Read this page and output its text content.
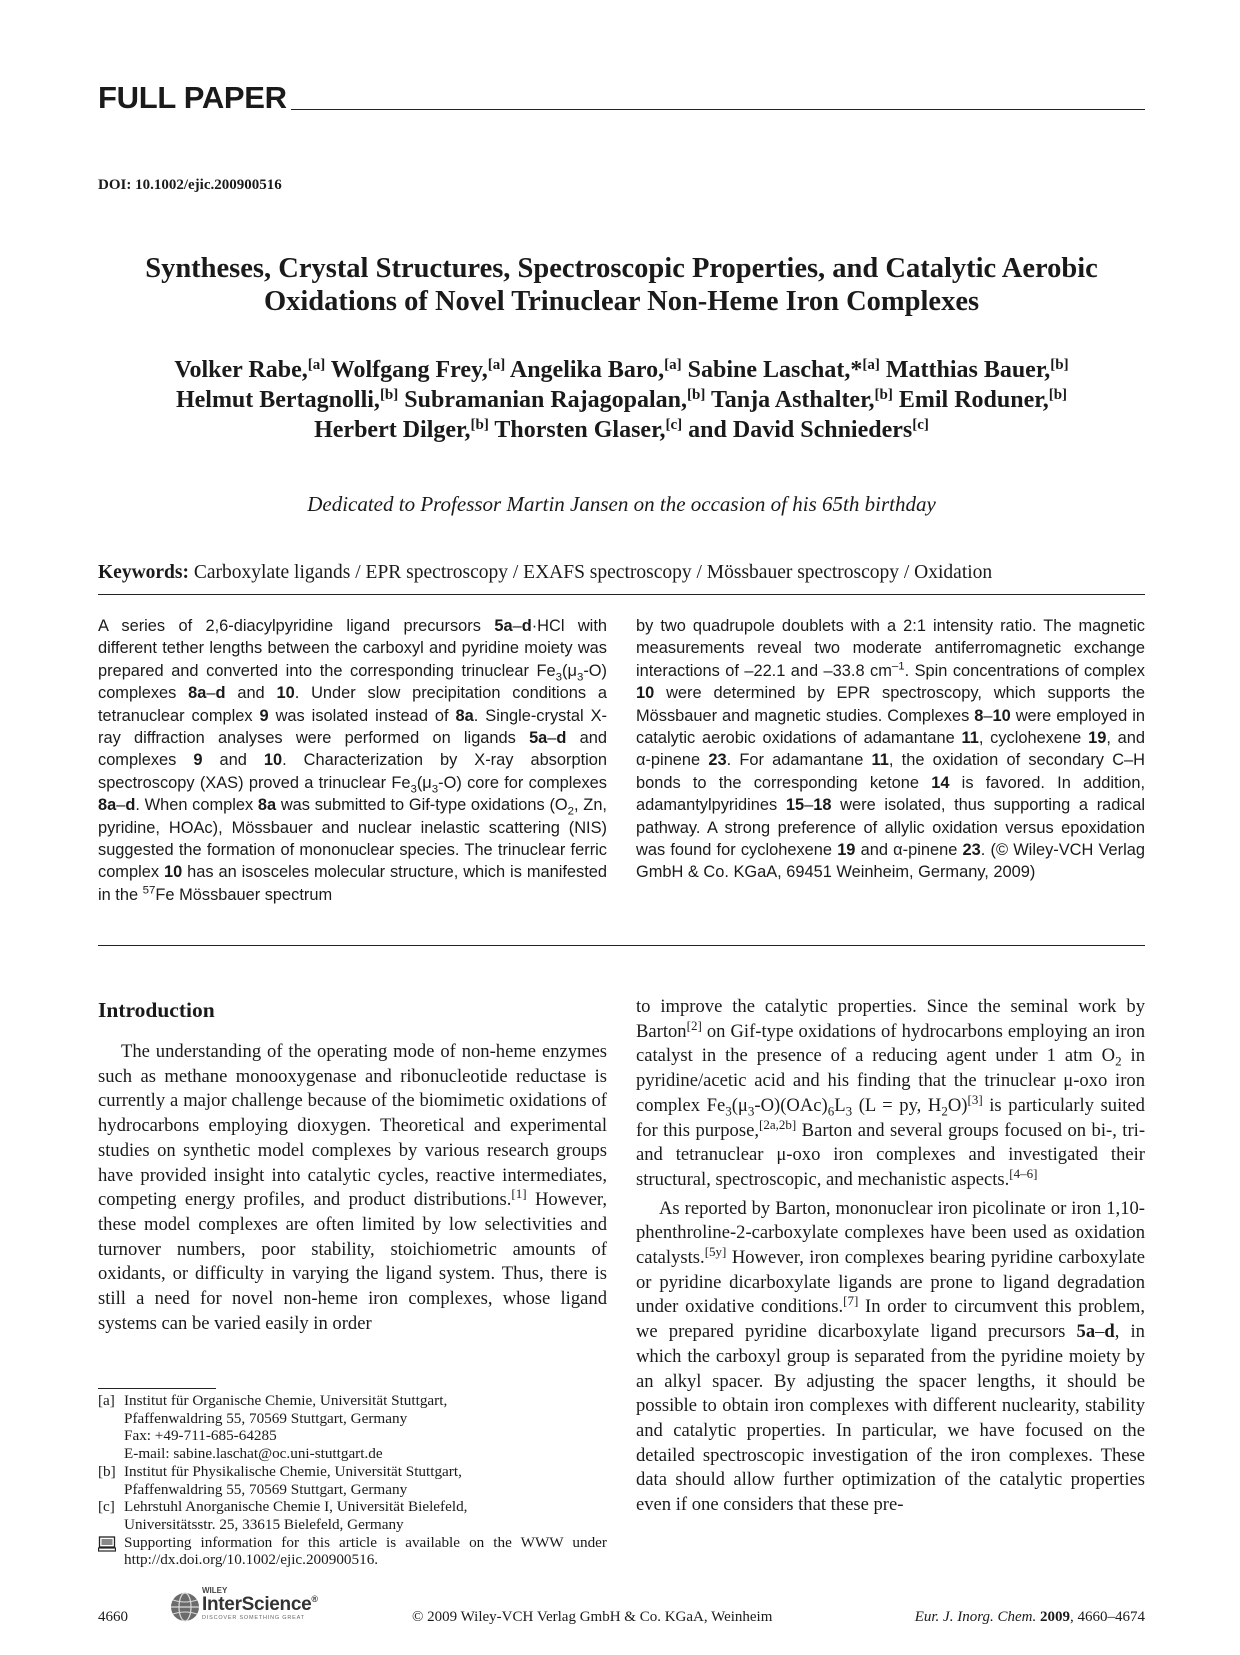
FULL PAPER
DOI: 10.1002/ejic.200900516
Syntheses, Crystal Structures, Spectroscopic Properties, and Catalytic Aerobic
Oxidations of Novel Trinuclear Non-Heme Iron Complexes
Volker Rabe,[a] Wolfgang Frey,[a] Angelika Baro,[a] Sabine Laschat,*[a] Matthias Bauer,[b]
Helmut Bertagnolli,[b] Subramanian Rajagopalan,[b] Tanja Asthalter,[b] Emil Roduner,[b]
Herbert Dilger,[b] Thorsten Glaser,[c] and David Schnieders[c]
Dedicated to Professor Martin Jansen on the occasion of his 65th birthday
Keywords: Carboxylate ligands / EPR spectroscopy / EXAFS spectroscopy / Mössbauer spectroscopy / Oxidation
A series of 2,6-diacylpyridine ligand precursors 5a–d·HCl with different tether lengths between the carboxyl and pyridine moiety was prepared and converted into the corresponding trinuclear $Fe_3(\mu_3-O)$ complexes 8a–d and 10. Under slow precipitation conditions a tetranuclear complex 9 was isolated instead of 8a. Single-crystal X-ray diffraction analyses were performed on ligands 5a–d and complexes 9 and 10. Characterization by X-ray absorption spectroscopy (XAS) proved a trinuclear $Fe_3(\mu_3-O)$ core for complexes 8a–d. When complex 8a was submitted to Gif-type oxidations ($O_2$, Zn, pyridine, HOAc), Mössbauer and nuclear inelastic scattering (NIS) suggested the formation of mononuclear species. The trinuclear ferric complex 10 has an isosceles molecular structure, which is manifested in the $^{57}$Fe Mössbauer spectrum
by two quadrupole doublets with a 2:1 intensity ratio. The magnetic measurements reveal two moderate antiferromagnetic exchange interactions of –22.1 and –33.8 $cm^{-1}$. Spin concentrations of complex 10 were determined by EPR spectroscopy, which supports the Mössbauer and magnetic studies. Complexes 8–10 were employed in catalytic aerobic oxidations of adamantane 11, cyclohexene 19, and α-pinene 23. For adamantane 11, the oxidation of secondary C–H bonds to the corresponding ketone 14 is favored. In addition, adamantylpyridines 15–18 were isolated, thus supporting a radical pathway. A strong preference of allylic oxidation versus epoxidation was found for cyclohexene 19 and α-pinene 23. (© Wiley-VCH Verlag GmbH & Co. KGaA, 69451 Weinheim, Germany, 2009)
Introduction

The understanding of the operating mode of non-heme enzymes such as methane monooxygenase and ribonucleotide reductase is currently a major challenge because of the biomimetic oxidations of hydrocarbons employing dioxygen. Theoretical and experimental studies on synthetic model complexes by various research groups have provided insight into catalytic cycles, reactive intermediates, competing energy profiles, and product distributions.[1] However, these model complexes are often limited by low selectivities and turnover numbers, poor stability, stoichiometric amounts of oxidants, or difficulty in varying the ligand system. Thus, there is still a need for novel non-heme iron complexes, whose ligand systems can be varied easily in order

to improve the catalytic properties. Since the seminal work by Barton[2] on Gif-type oxidations of hydrocarbons employing an iron catalyst in the presence of a reducing agent under 1 atm $O_2$ in pyridine/acetic acid and his finding that the trinuclear μ-oxo iron complex $Fe_3(\mu_3-O)(OAc)_6L_3$ (L = py, $H_2O)[3]$ is particularly suited for this purpose,[2a,2b] Barton and several groups focused on bi-, tri- and tetranuclear μ-oxo iron complexes and investigated their structural, spectroscopic, and mechanistic aspects.[4–6]

As reported by Barton, mononuclear iron picolinate or iron 1,10-phenthroline-2-carboxylate complexes have been used as oxidation catalysts.[5y] However, iron complexes bearing pyridine carboxylate or pyridine dicarboxylate ligands are prone to ligand degradation under oxidative conditions.[7] In order to circumvent this problem, we prepared pyridine dicarboxylate ligand precursors 5a–d, in which the carboxyl group is separated from the pyridine moiety by an alkyl spacer. By adjusting the spacer lengths, it should be possible to obtain iron complexes with different nuclearity, stability and catalytic properties. In particular, we have focused on the detailed spectroscopic investigation of the iron complexes. These data should allow further optimization of the catalytic properties even if one considers that these pre-

[a] Institut für Organische Chemie, Universität Stuttgart,
Pfaffenwaldring 55, 70569 Stuttgart, Germany
Fax: +49-711-685-64285
E-mail: sabine.laschat@oc.uni-stuttgart.de
[b] Institut für Physikalische Chemie, Universität Stuttgart,
Pfaffenwaldring 55, 70569 Stuttgart, Germany
[c] Lehrstuhl Anorganische Chemie I, Universität Bielefeld,
Universitätsstr. 25, 33615 Bielefeld, Germany
Supporting information for this article is available on the WWW under http://dx.doi.org/10.1002/ejic.200900516.
4660
WILEY
InterScience®
DISCOVER SOMETHING GREAT	© 2009 Wiley-VCH Verlag GmbH & Co. KGaA, Weinheim	Eur. J. Inorg. Chem. 2009, 4660–4674
